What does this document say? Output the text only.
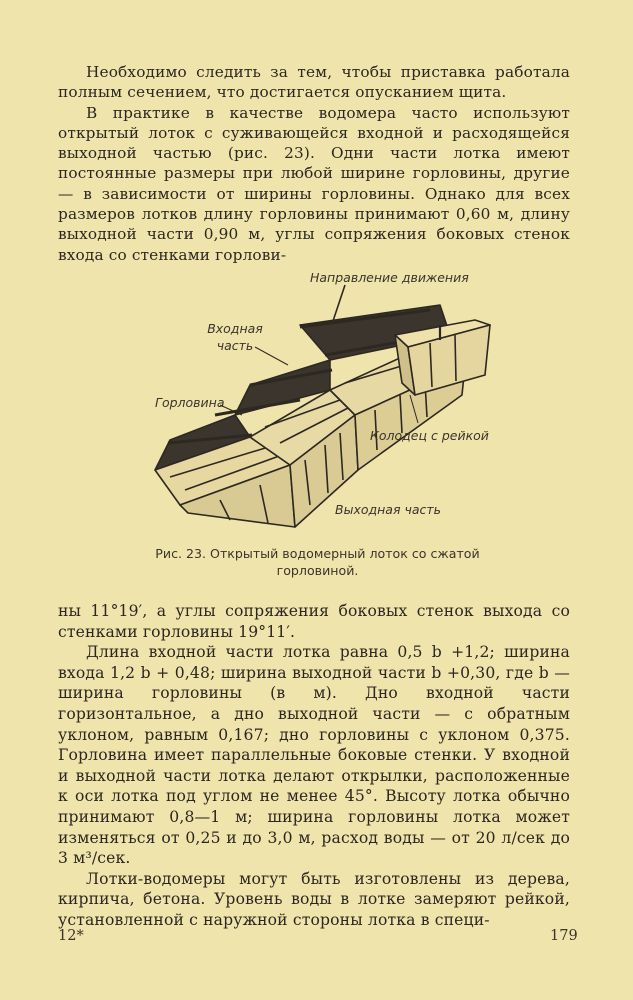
Необходимо следить за тем, чтобы приставка работала полным сечением, что достигается опусканием щита.

В практике в качестве водомера часто используют открытый лоток с суживающейся входной и расходящейся выходной частью (рис. 23). Одни части лотка имеют постоянные размеры при любой ширине горловины, другие — в зависимости от ширины горловины. Однако для всех размеров лотков длину горловины принимают 0,60 м, длину выходной части 0,90 м, углы сопряжения боковых стенок входа со стенками горлови-

Направление движения
Входная часть
Горловина
Колодец с рейкой
Выходная часть
Рис. 23. Открытый водомерный лоток со сжатой горловиной.

ны 11°19′, а углы сопряжения боковых стенок выхода со стенками горловины 19°11′.

Длина входной части лотка равна 0,5 b +1,2; ширина входа 1,2 b + 0,48; ширина выходной части b +0,30, где b — ширина горловины (в м). Дно входной части горизонтальное, а дно выходной части — с обратным уклоном, равным 0,167; дно горловины с уклоном 0,375. Горловина имеет параллельные боковые стенки. У входной и выходной части лотка делают открылки, расположенные к оси лотка под углом не менее 45°. Высоту лотка обычно принимают 0,8—1 м; ширина горловины лотка может изменяться от 0,25 и до 3,0 м, расход воды — от 20 л/сек до 3 м³/сек.

Лотки-водомеры могут быть изготовлены из дерева, кирпича, бетона. Уровень воды в лотке замеряют рейкой, установленной с наружной стороны лотка в специ-

12*	179
